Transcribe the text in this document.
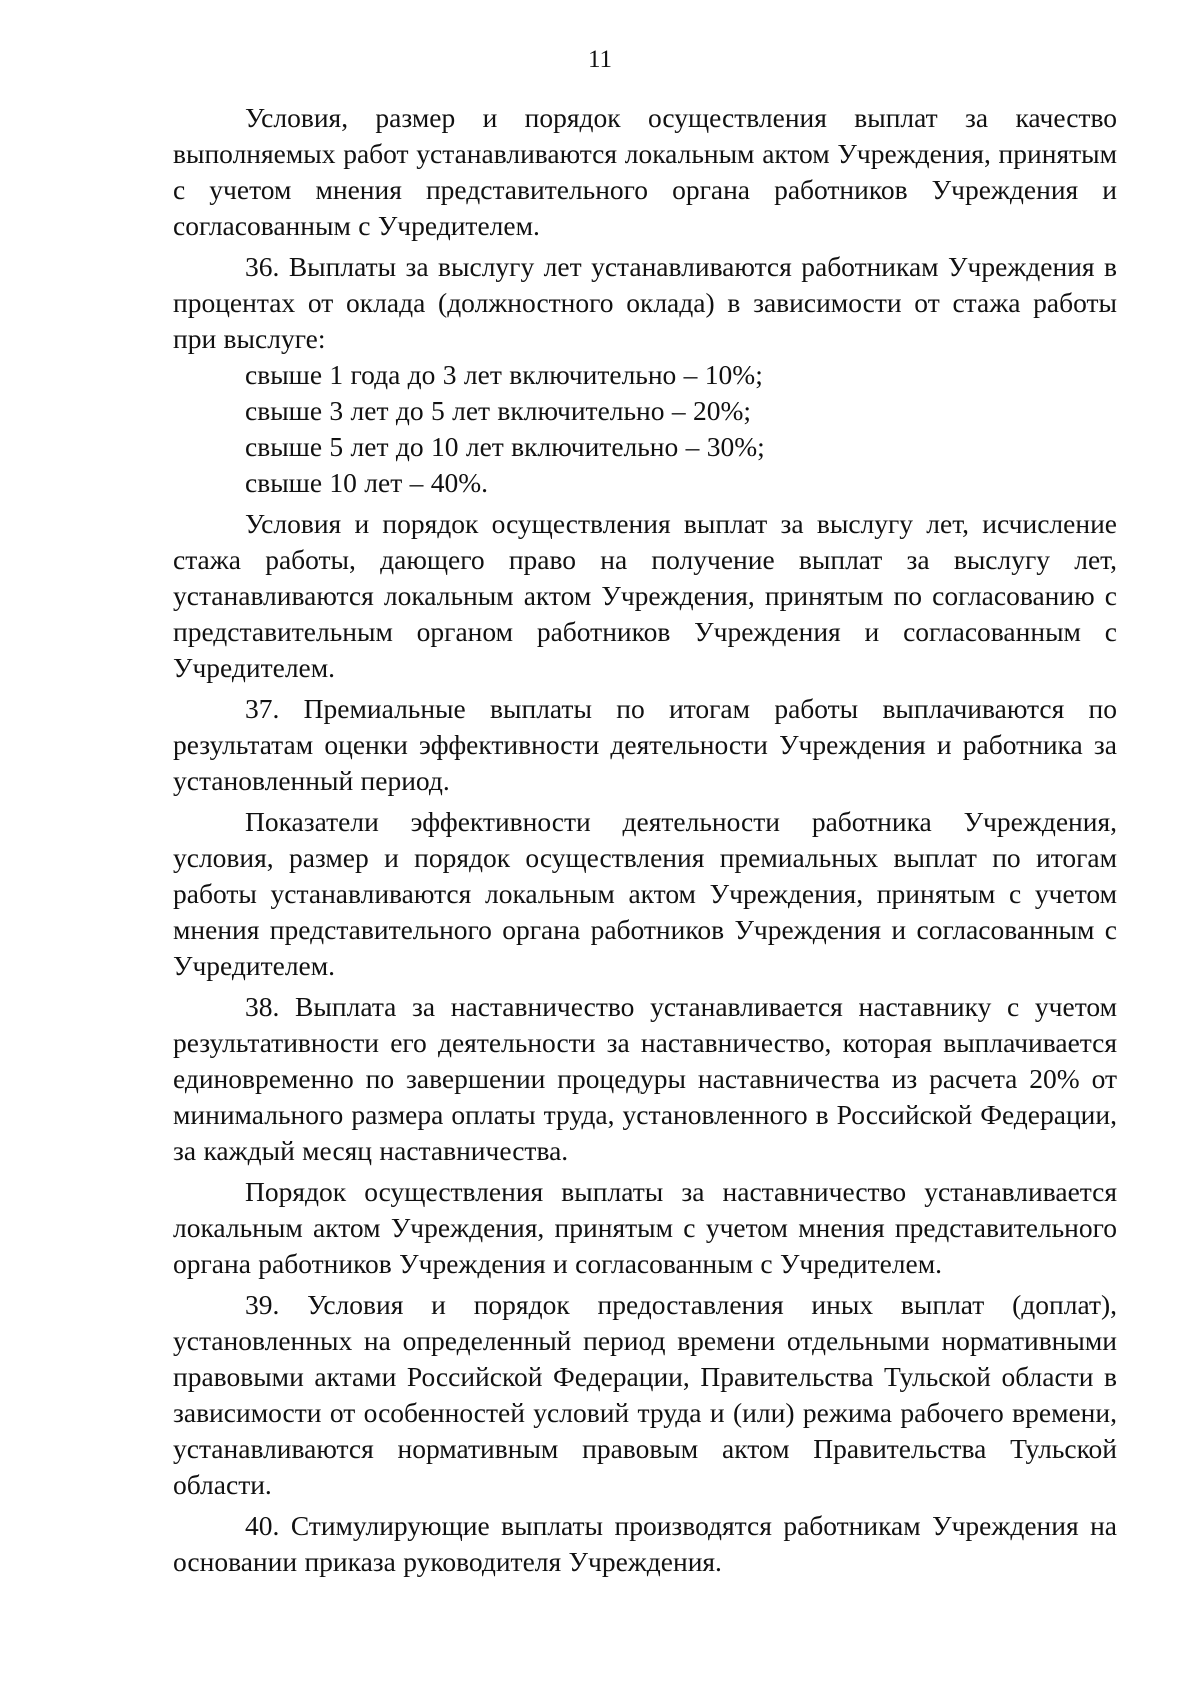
11

Условия, размер и порядок осуществления выплат за качество выполняемых работ устанавливаются локальным актом Учреждения, принятым с учетом мнения представительного органа работников Учреждения и согласованным с Учредителем.

36. Выплаты за выслугу лет устанавливаются работникам Учреждения в процентах от оклада (должностного оклада) в зависимости от стажа работы при выслуге:

свыше 1 года до 3 лет включительно – 10%;

свыше 3 лет до 5 лет включительно – 20%;

свыше 5 лет до 10 лет включительно – 30%;

свыше 10 лет – 40%.

Условия и порядок осуществления выплат за выслугу лет, исчисление стажа работы, дающего право на получение выплат за выслугу лет, устанавливаются локальным актом Учреждения, принятым по согласованию с представительным органом работников Учреждения и согласованным с Учредителем.

37. Премиальные выплаты по итогам работы выплачиваются по результатам оценки эффективности деятельности Учреждения и работника за установленный период.

Показатели эффективности деятельности работника Учреждения, условия, размер и порядок осуществления премиальных выплат по итогам работы устанавливаются локальным актом Учреждения, принятым с учетом мнения представительного органа работников Учреждения и согласованным с Учредителем.

38. Выплата за наставничество устанавливается наставнику с учетом результативности его деятельности за наставничество, которая выплачивается единовременно по завершении процедуры наставничества из расчета 20% от минимального размера оплаты труда, установленного в Российской Федерации, за каждый месяц наставничества.

Порядок осуществления выплаты за наставничество устанавливается локальным актом Учреждения, принятым с учетом мнения представительного органа работников Учреждения и согласованным с Учредителем.

39. Условия и порядок предоставления иных выплат (доплат), установленных на определенный период времени отдельными нормативными правовыми актами Российской Федерации, Правительства Тульской области в зависимости от особенностей условий труда и (или) режима рабочего времени, устанавливаются нормативным правовым актом Правительства Тульской области.

40. Стимулирующие выплаты производятся работникам Учреждения на основании приказа руководителя Учреждения.
